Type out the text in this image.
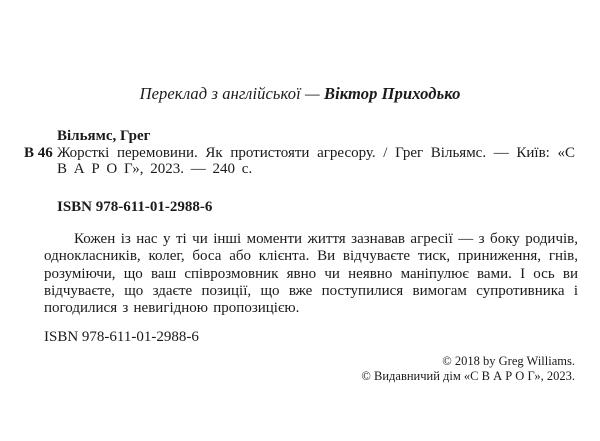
Переклад з англійської — Віктор Приходько
Вільямс, Грег
В 46 Жорсткі перемовини. Як протистояти агресору. / Грег Вільямс. — Київ: «С В А Р О Г», 2023. — 240 с.
ISBN 978-611-01-2988-6
Кожен із нас у ті чи інші моменти життя зазнавав агресії — з боку родичів, однокласників, колег, боса або клієнта. Ви відчуваєте тиск, приниження, гнів, розуміючи, що ваш співрозмовник явно чи неявно маніпулює вами. І ось ви відчуваєте, що здаєте позиції, що вже поступилися вимогам супротивника і погодилися з невигідною пропозицією.
ISBN 978-611-01-2988-6
© 2018 by Greg Williams.
© Видавничий дім «С В А Р О Г», 2023.
